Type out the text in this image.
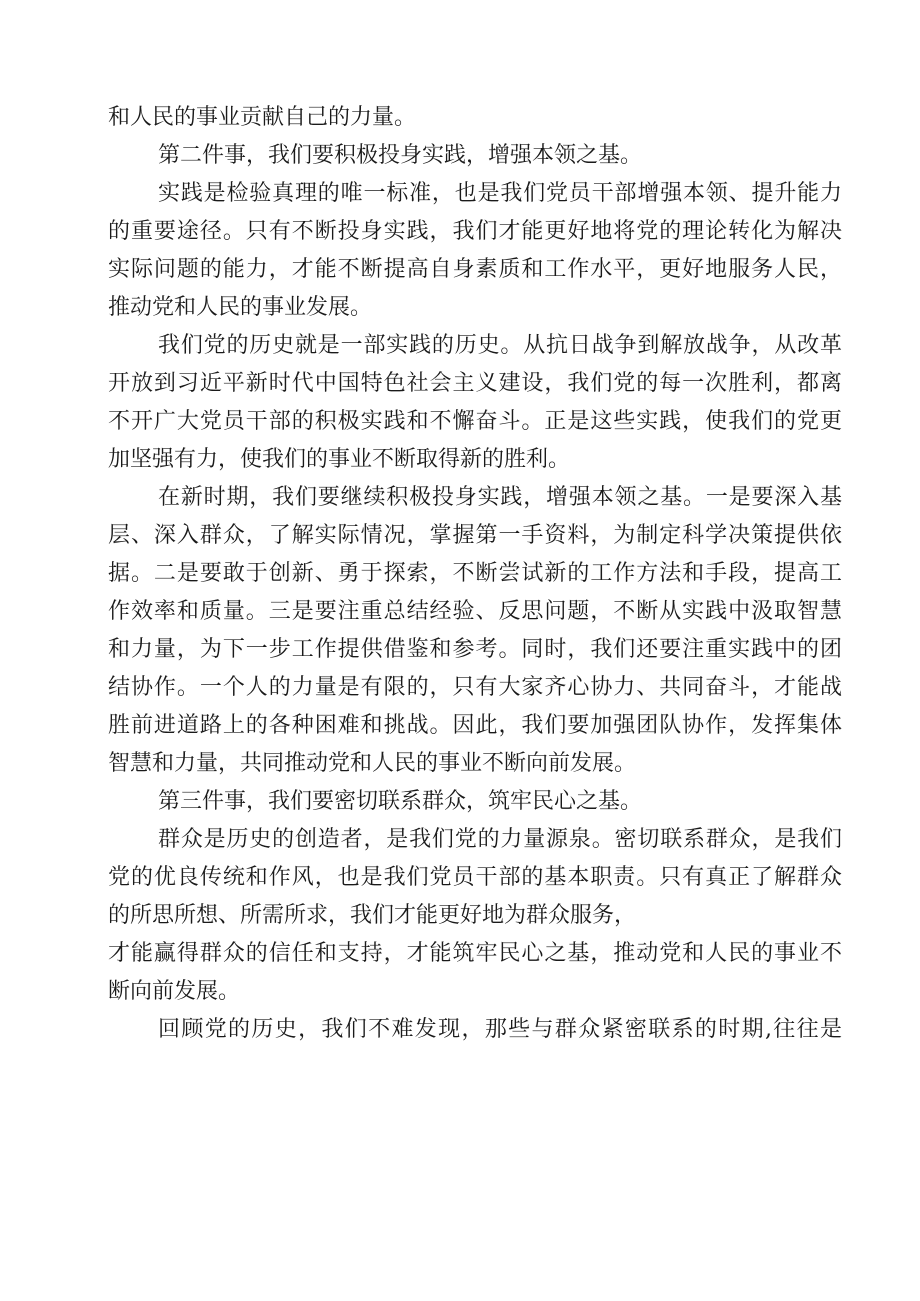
和人民的事业贡献自己的力量。
第二件事，我们要积极投身实践，增强本领之基。
实践是检验真理的唯一标准，也是我们党员干部增强本领、提升能力
的重要途径。只有不断投身实践，我们才能更好地将党的理论转化为解决
实际问题的能力，才能不断提高自身素质和工作水平，更好地服务人民，
推动党和人民的事业发展。
我们党的历史就是一部实践的历史。从抗日战争到解放战争，从改革
开放到习近平新时代中国特色社会主义建设，我们党的每一次胜利，都离
不开广大党员干部的积极实践和不懈奋斗。正是这些实践，使我们的党更
加坚强有力，使我们的事业不断取得新的胜利。
在新时期，我们要继续积极投身实践，增强本领之基。一是要深入基
层、深入群众，了解实际情况，掌握第一手资料，为制定科学决策提供依
据。二是要敢于创新、勇于探索，不断尝试新的工作方法和手段，提高工
作效率和质量。三是要注重总结经验、反思问题，不断从实践中汲取智慧
和力量，为下一步工作提供借鉴和参考。同时，我们还要注重实践中的团
结协作。一个人的力量是有限的，只有大家齐心协力、共同奋斗，才能战
胜前进道路上的各种困难和挑战。因此，我们要加强团队协作，发挥集体
智慧和力量，共同推动党和人民的事业不断向前发展。
第三件事，我们要密切联系群众，筑牢民心之基。
群众是历史的创造者，是我们党的力量源泉。密切联系群众，是我们
党的优良传统和作风，也是我们党员干部的基本职责。只有真正了解群众
的所思所想、所需所求，我们才能更好地为群众服务，
才能赢得群众的信任和支持，才能筑牢民心之基，推动党和人民的事业不
断向前发展。
回顾党的历史，我们不难发现，那些与群众紧密联系的时期,往往是
